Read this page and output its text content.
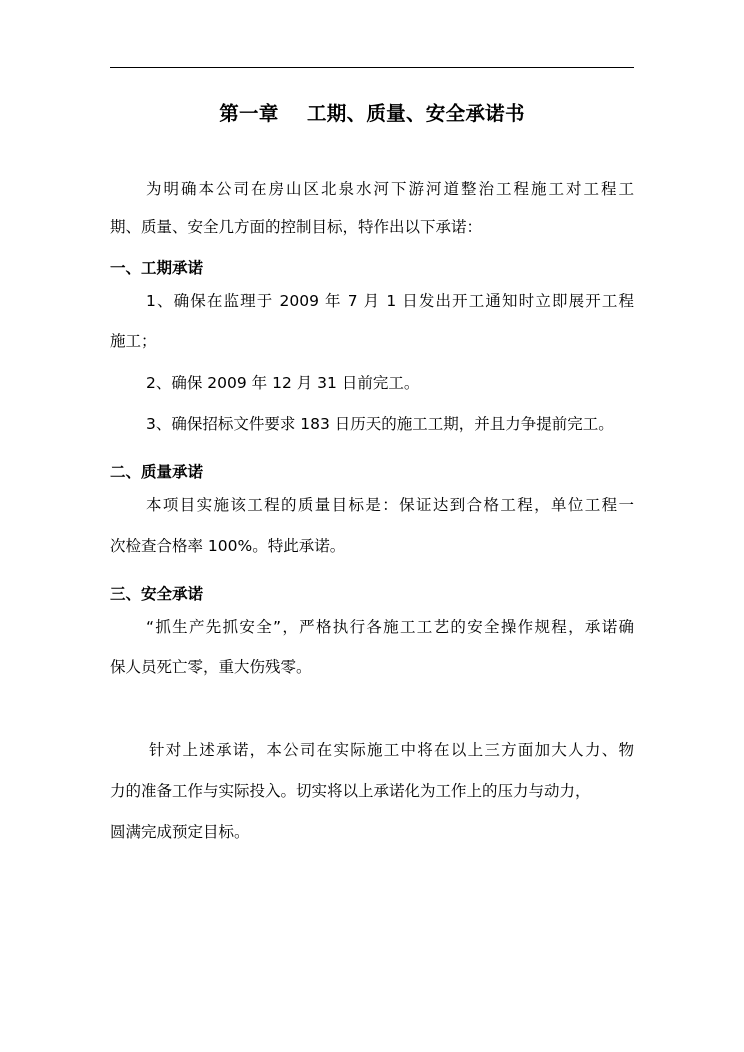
第一章    工期、质量、安全承诺书
为明确本公司在房山区北泉水河下游河道整治工程施工对工程工
期、质量、安全几方面的控制目标，特作出以下承诺：
一、工期承诺
1、确保在监理于 2009 年 7 月 1 日发出开工通知时立即展开工程
施工；
2、确保 2009 年 12 月 31 日前完工。
3、确保招标文件要求 183 日历天的施工工期，并且力争提前完工。
二、质量承诺
本项目实施该工程的质量目标是：保证达到合格工程，单位工程一
次检查合格率 100%。特此承诺。
三、安全承诺
“抓生产先抓安全”，严格执行各施工工艺的安全操作规程，承诺确
保人员死亡零，重大伤残零。
针对上述承诺，本公司在实际施工中将在以上三方面加大人力、物
力的准备工作与实际投入。切实将以上承诺化为工作上的压力与动力，
圆满完成预定目标。
